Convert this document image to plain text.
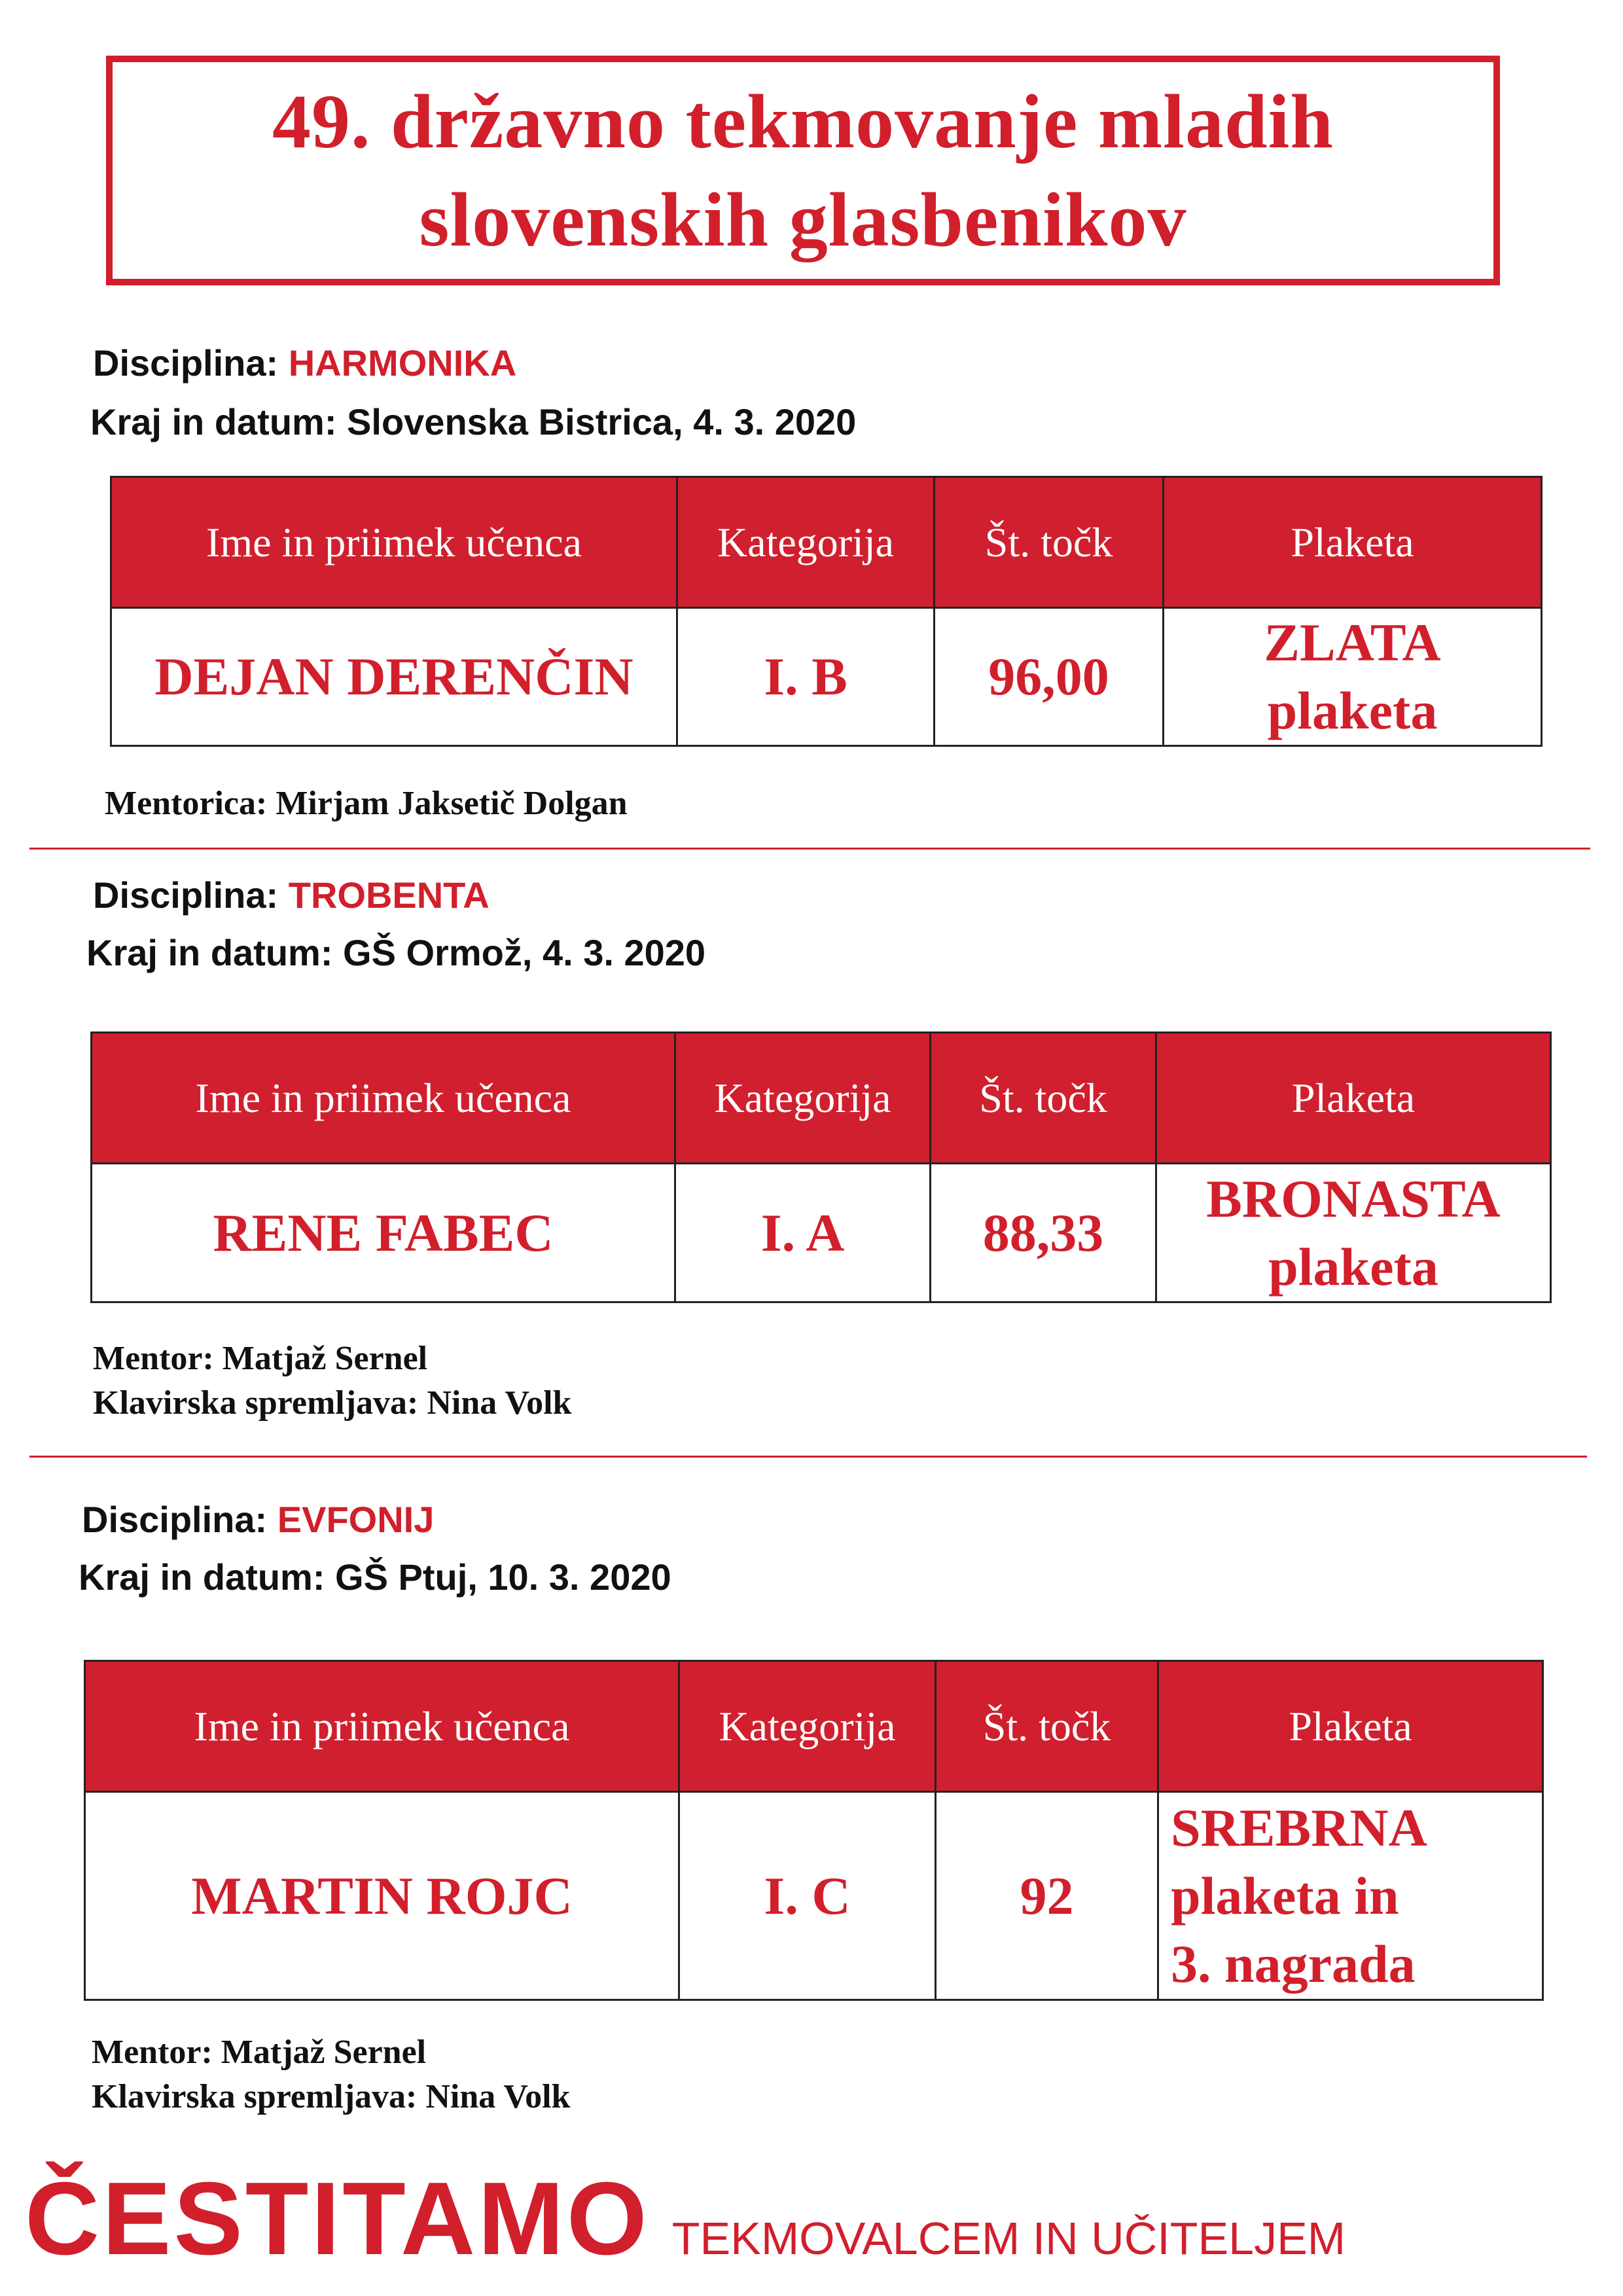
49. državno tekmovanje mladih
slovenskih glasbenikov
Disciplina: HARMONIKA
Kraj in datum: Slovenska Bistrica, 4. 3. 2020
Ime in priimek učenca	Kategorija	Št. točk	Plaketa
DEJAN DERENČIN	I. B	96,00	ZLATA
plaketa
Mentorica: Mirjam Jaksetič Dolgan
Disciplina: TROBENTA
Kraj in datum: GŠ Ormož, 4. 3. 2020
Ime in priimek učenca	Kategorija	Št. točk	Plaketa
RENE FABEC	I. A	88,33	BRONASTA
plaketa
Mentor: Matjaž Sernel
Klavirska spremljava: Nina Volk
Disciplina: EVFONIJ
Kraj in datum: GŠ Ptuj, 10. 3. 2020
Ime in priimek učenca	Kategorija	Št. točk	Plaketa
MARTIN ROJC	I. C	92	SREBRNA
plaketa in
3. nagrada
Mentor: Matjaž Sernel
Klavirska spremljava: Nina Volk
ČESTITAMO TEKMOVALCEM IN UČITELJEM
